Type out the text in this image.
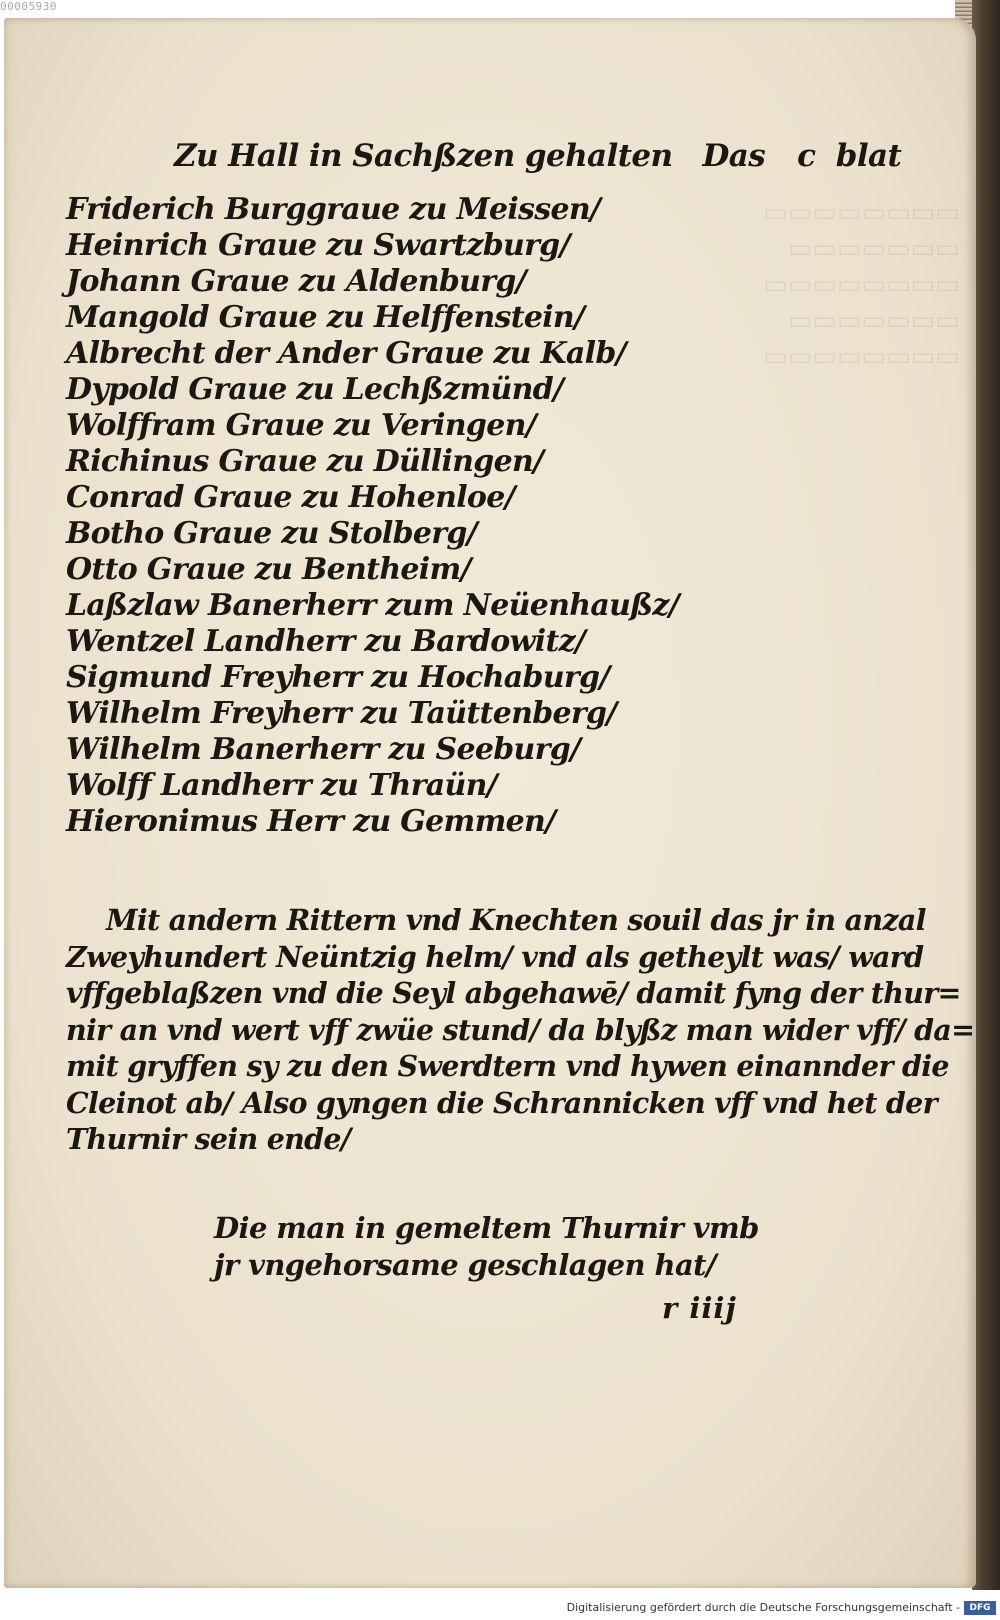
00005930
▭▭▭▭▭▭▭▭
▭▭▭▭▭▭▭
▭▭▭▭▭▭▭▭
▭▭▭▭▭▭▭
▭▭▭▭▭▭▭▭
Zu Hall in Sachßzen gehalten Das c blat
Friderich Burggraue zu Meissen/
Heinrich Graue zu Swartzburg/
Johann Graue zu Aldenburg/
Mangold Graue zu Helffenstein/
Albrecht der Ander Graue zu Kalb/
Dypold Graue zu Lechßzmünd/
Wolffram Graue zu Veringen/
Richinus Graue zu Düllingen/
Conrad Graue zu Hohenloe/
Botho Graue zu Stolberg/
Otto Graue zu Bentheim/
Laßzlaw Banerherr zum Neüenhaußz/
Wentzel Landherr zu Bardowitz/
Sigmund Freyherr zu Hochaburg/
Wilhelm Freyherr zu Taüttenberg/
Wilhelm Banerherr zu Seeburg/
Wolff Landherr zu Thraün/
Hieronimus Herr zu Gemmen/
Mit andern Rittern vnd Knechten souil das jr in anzal
Zweyhundert Neüntzig helm/ vnd als getheylt was/ ward
vffgeblaßzen vnd die Seyl abgehawē/ damit fyng der thur=
nir an vnd wert vff zwüe stund/ da blyßz man wider vff/ da=
mit gryffen sy zu den Swerdtern vnd hywen einannder die
Cleinot ab/ Also gyngen die Schrannicken vff vnd het der
Thurnir sein ende/
Die man in gemeltem Thurnir vmb
jr vngehorsame geschlagen hat/
r iiij
Digitalisierung gefördert durch die Deutsche Forschungsgemeinschaft -	DFG
